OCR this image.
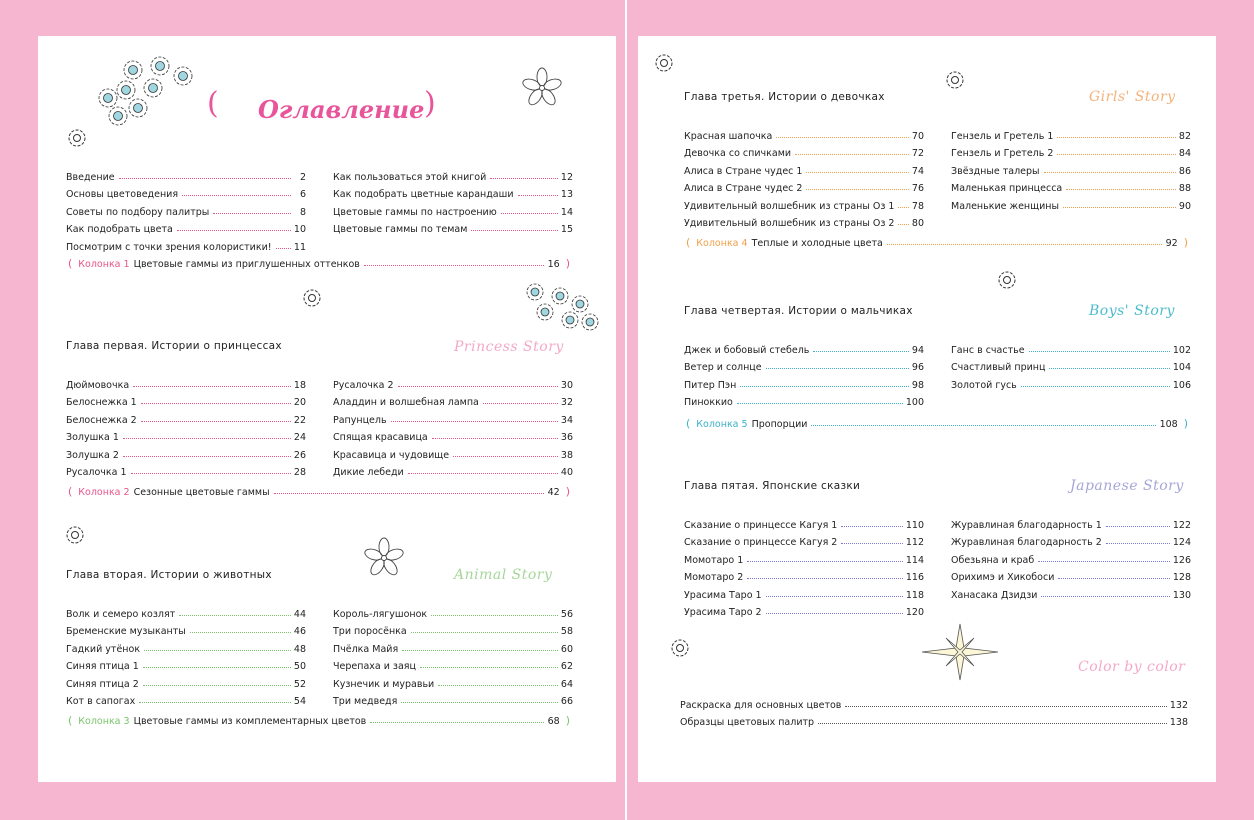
( Оглавление )
Введение	2
Основы цветоведения	6
Советы по подбору палитры	8
Как подобрать цвета	10
Посмотрим с точки зрения колористики! 11
Как пользоваться этой книгой	12
Как подобрать цветные карандаши	13
Цветовые гаммы по настроению	14
Цветовые гаммы по темам	15
( Колонка 1 Цветовые гаммы из приглушенных оттенков	16 )
Глава первая. Истории о принцессах	Princess Story
Дюймовочка	18
Белоснежка 1	20
Белоснежка 2	22
Золушка 1	24
Золушка 2	26
Русалочка 1	28
Русалочка 2	30
Аладдин и волшебная лампа	32
Рапунцель	34
Спящая красавица	36
Красавица и чудовище	38
Дикие лебеди	40
( Колонка 2 Сезонные цветовые гаммы	42 )
Глава вторая. Истории о животных	Animal Story
Волк и семеро козлят	44
Бременские музыканты	46
Гадкий утёнок	48
Синяя птица 1	50
Синяя птица 2	52
Кот в сапогах	54
Король-лягушонок	56
Три поросёнка	58
Пчёлка Майя	60
Черепаха и заяц	62
Кузнечик и муравьи	64
Три медведя	66
( Колонка 3 Цветовые гаммы из комплементарных цветов	68 )
Глава третья. Истории о девочках	Girls' Story
Красная шапочка	70
Девочка со спичками	72
Алиса в Стране чудес 1	74
Алиса в Стране чудес 2	76
Удивительный волшебник из страны Оз 1 78
Удивительный волшебник из страны Оз 2 80
Гензель и Гретель 1	82
Гензель и Гретель 2	84
Звёздные талеры	86
Маленькая принцесса	88
Маленькие женщины	90
( Колонка 4 Теплые и холодные цвета	92 )
Глава четвертая. Истории о мальчиках	Boys' Story
Джек и бобовый стебель	94
Ветер и солнце	96
Питер Пэн	98
Пиноккио	100
Ганс в счастье	102
Счастливый принц	104
Золотой гусь	106
( Колонка 5 Пропорции	108 )
Глава пятая. Японские сказки	Japanese Story
Сказание о принцессе Кагуя 1	110
Сказание о принцессе Кагуя 2	112
Момотаро 1	114
Момотаро 2	116
Урасима Таро 1	118
Урасима Таро 2	120
Журавлиная благодарность 1	122
Журавлиная благодарность 2	124
Обезьяна и краб	126
Орихимэ и Хикобоси	128
Ханасака Дзидзи	130
Color by color
Раскраска для основных цветов	132
Образцы цветовых палитр	138
